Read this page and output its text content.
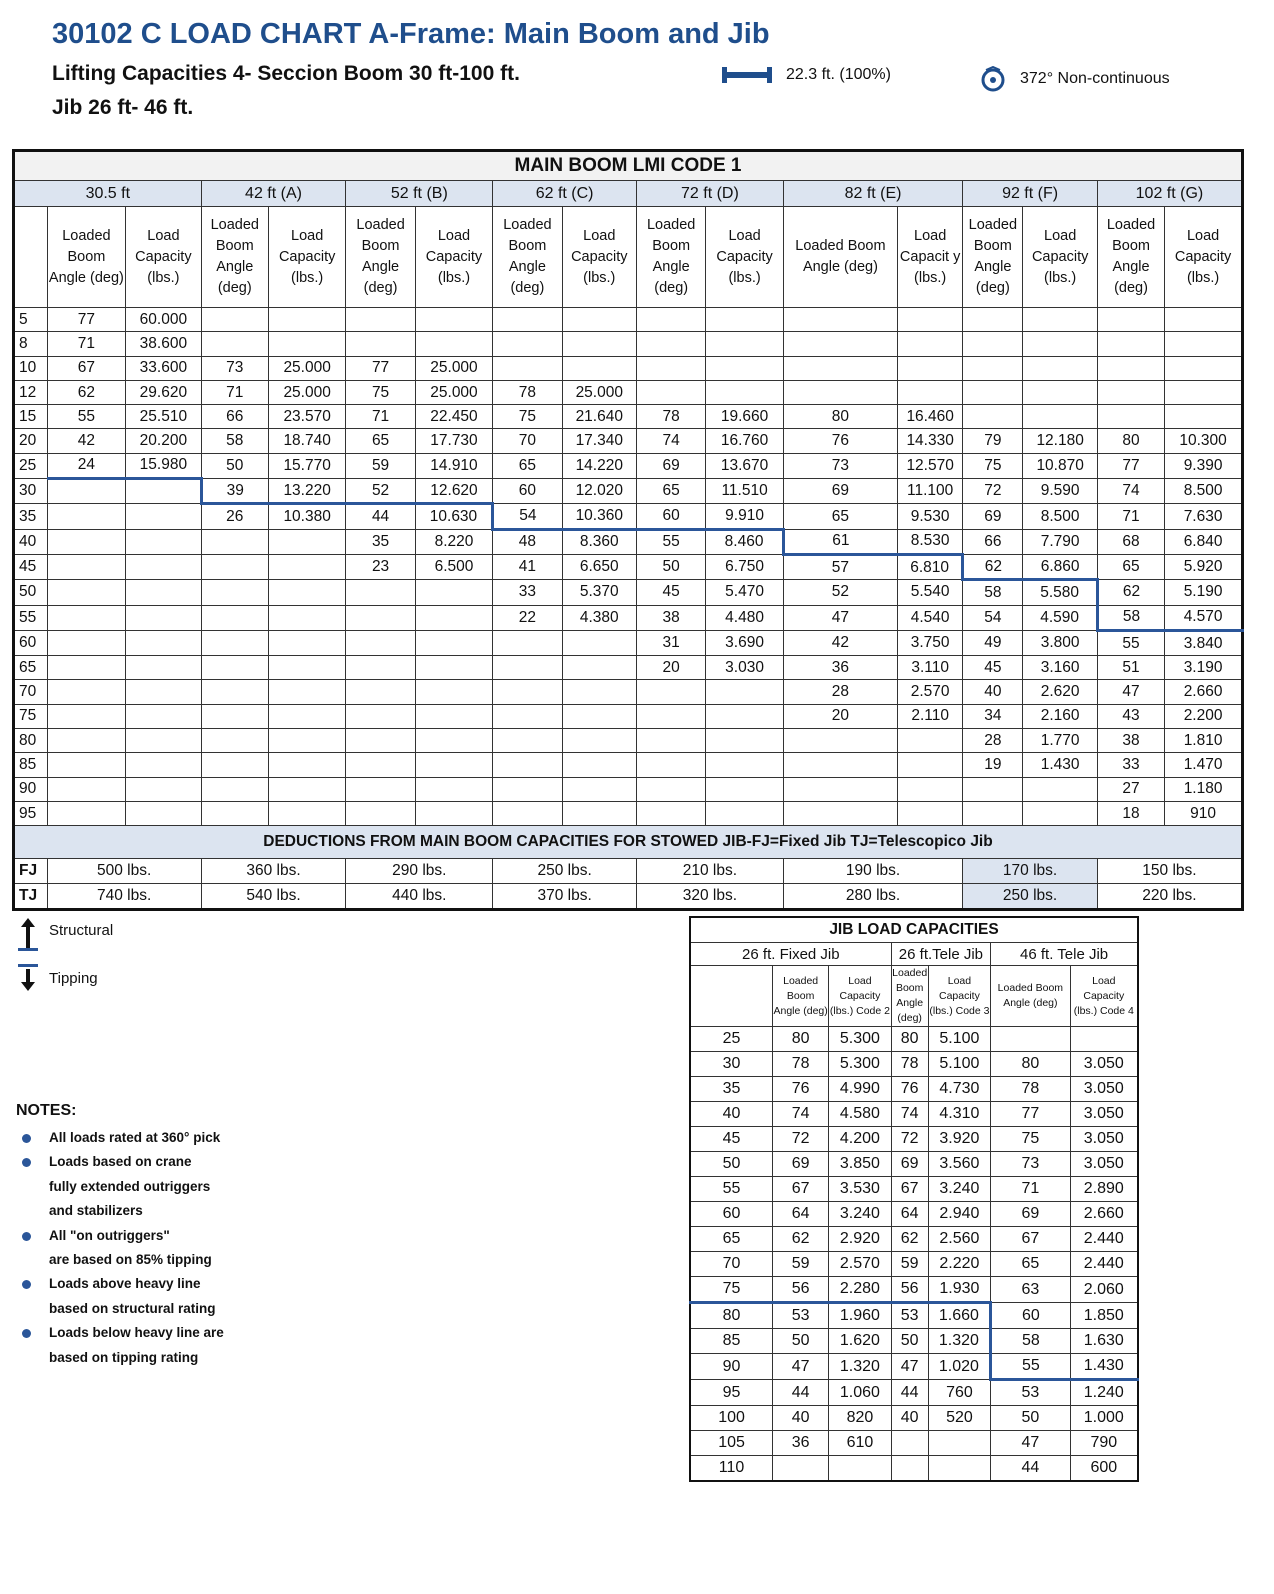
30102 C LOAD CHART A-Frame: Main Boom and Jib
Lifting Capacities 4- Seccion Boom 30 ft-100 ft.
Jib 26 ft- 46 ft.
22.3 ft. (100%)	372° Non-continuous
MAIN BOOM LMI CODE 1																
30.5 ft			42 ft (A)		52 ft (B)		62 ft (C)		72 ft (D)		82 ft (E)		92 ft (F)		102 ft (G)	
	Loaded Boom Angle (deg)	Load Capacity (lbs.)	Loaded Boom Angle (deg)	Load Capacity (lbs.)	Loaded Boom Angle (deg)	Load Capacity (lbs.)	Loaded Boom Angle (deg)	Load Capacity (lbs.)	Loaded Boom Angle (deg)	Load Capacity (lbs.)	Loaded Boom Angle (deg)	Load Capacit y (lbs.)	Loaded Boom Angle (deg)	Load Capacity (lbs.)	Loaded Boom Angle (deg)	Load Capacity (lbs.)
5	77	60.000														
8	71	38.600														
10	67	33.600	73	25.000	77	25.000										
12	62	29.620	71	25.000	75	25.000	78	25.000								
15	55	25.510	66	23.570	71	22.450	75	21.640	78	19.660	80	16.460				
20	42	20.200	58	18.740	65	17.730	70	17.340	74	16.760	76	14.330	79	12.180	80	10.300
25	24	15.980	50	15.770	59	14.910	65	14.220	69	13.670	73	12.570	75	10.870	77	9.390
30			39	13.220	52	12.620	60	12.020	65	11.510	69	11.100	72	9.590	74	8.500
35			26	10.380	44	10.630	54	10.360	60	9.910	65	9.530	69	8.500	71	7.630
40					35	8.220	48	8.360	55	8.460	61	8.530	66	7.790	68	6.840
45					23	6.500	41	6.650	50	6.750	57	6.810	62	6.860	65	5.920
50							33	5.370	45	5.470	52	5.540	58	5.580	62	5.190
55							22	4.380	38	4.480	47	4.540	54	4.590	58	4.570
60									31	3.690	42	3.750	49	3.800	55	3.840
65									20	3.030	36	3.110	45	3.160	51	3.190
70											28	2.570	40	2.620	47	2.660
75											20	2.110	34	2.160	43	2.200
80													28	1.770	38	1.810
85													19	1.430	33	1.470
90															27	1.180
95															18	910
DEDUCTIONS FROM MAIN BOOM CAPACITIES FOR STOWED JIB-FJ=Fixed Jib TJ=Telescopico Jib																
FJ	500 lbs.		360 lbs.		290 lbs.		250 lbs.		210 lbs.		190 lbs.		170 lbs.		150 lbs.	
TJ	740 lbs.		540 lbs.		440 lbs.		370 lbs.		320 lbs.		280 lbs.		250 lbs.		220 lbs.	
Structural
Tipping
NOTES:
All loads rated at 360° pick
Loads based on crane
fully extended outriggers
and stabilizers
All "on outriggers"
are based on 85% tipping
Loads above heavy line
based on structural rating
Loads below heavy line are
based on tipping rating
JIB LOAD CAPACITIES						
26 ft. Fixed Jib			26 ft.Tele Jib		46 ft. Tele Jib	
	Loaded Boom Angle (deg)	Load Capacity (lbs.) Code 2	Loaded Boom Angle (deg)	Load Capacity (lbs.) Code 3	Loaded Boom Angle (deg)	Load Capacity (lbs.) Code 4
25	80	5.300	80	5.100		
30	78	5.300	78	5.100	80	3.050
35	76	4.990	76	4.730	78	3.050
40	74	4.580	74	4.310	77	3.050
45	72	4.200	72	3.920	75	3.050
50	69	3.850	69	3.560	73	3.050
55	67	3.530	67	3.240	71	2.890
60	64	3.240	64	2.940	69	2.660
65	62	2.920	62	2.560	67	2.440
70	59	2.570	59	2.220	65	2.440
75	56	2.280	56	1.930	63	2.060
80	53	1.960	53	1.660	60	1.850
85	50	1.620	50	1.320	58	1.630
90	47	1.320	47	1.020	55	1.430
95	44	1.060	44	760	53	1.240
100	40	820	40	520	50	1.000
105	36	610			47	790
110					44	600
